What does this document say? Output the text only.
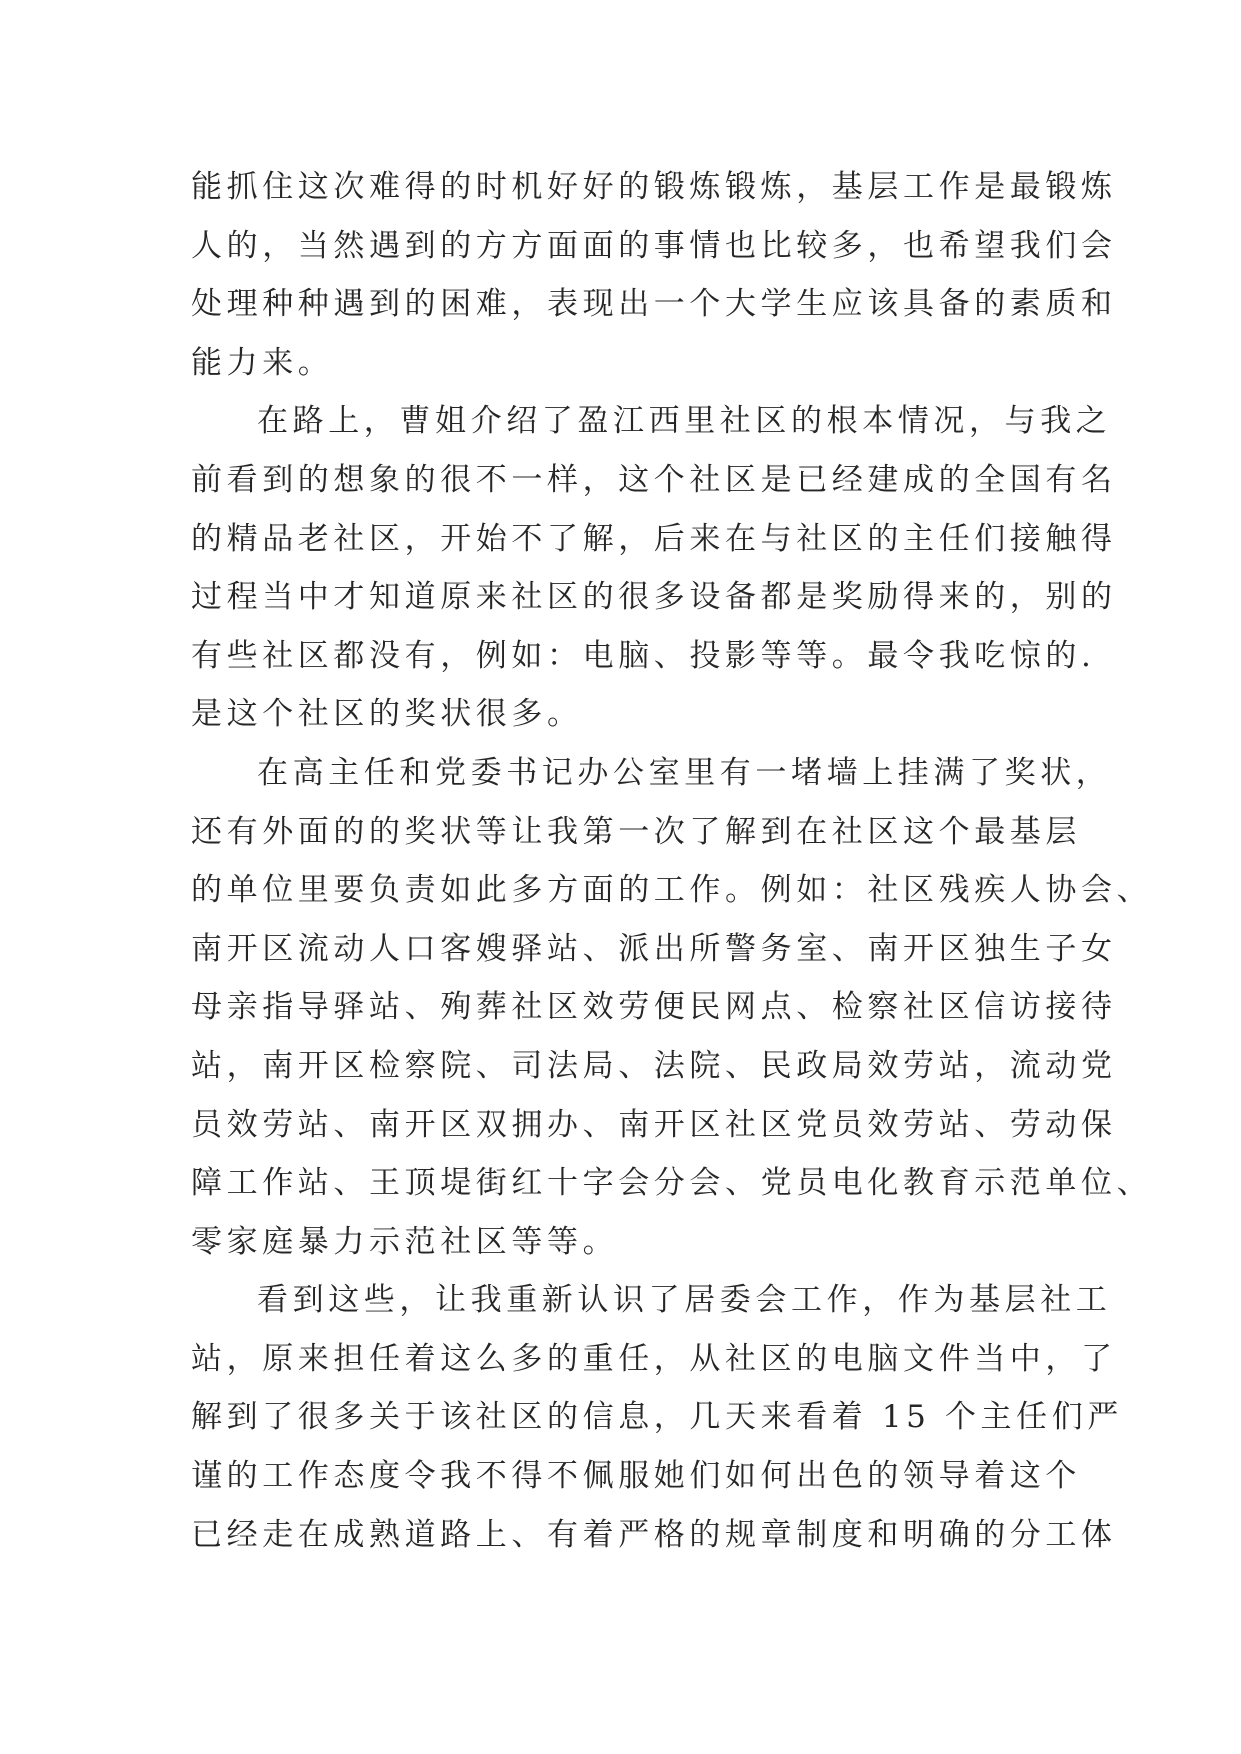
能抓住这次难得的时机好好的锻炼锻炼，基层工作是最锻炼
人的，当然遇到的方方面面的事情也比较多，也希望我们会
处理种种遇到的困难，表现出一个大学生应该具备的素质和
能力来。
在路上，曹姐介绍了盈江西里社区的根本情况，与我之
前看到的想象的很不一样，这个社区是已经建成的全国有名
的精品老社区，开始不了解，后来在与社区的主任们接触得
过程当中才知道原来社区的很多设备都是奖励得来的，别的
有些社区都没有，例如：电脑、投影等等。最令我吃惊的.
是这个社区的奖状很多。
在高主任和党委书记办公室里有一堵墙上挂满了奖状，
还有外面的的奖状等让我第一次了解到在社区这个最基层
的单位里要负责如此多方面的工作。例如：社区残疾人协会、
南开区流动人口客嫂驿站、派出所警务室、南开区独生子女
母亲指导驿站、殉葬社区效劳便民网点、检察社区信访接待
站，南开区检察院、司法局、法院、民政局效劳站，流动党
员效劳站、南开区双拥办、南开区社区党员效劳站、劳动保
障工作站、王顶堤街红十字会分会、党员电化教育示范单位、
零家庭暴力示范社区等等。
看到这些，让我重新认识了居委会工作，作为基层社工
站，原来担任着这么多的重任，从社区的电脑文件当中，了
解到了很多关于该社区的信息，几天来看着 15 个主任们严
谨的工作态度令我不得不佩服她们如何出色的领导着这个
已经走在成熟道路上、有着严格的规章制度和明确的分工体
